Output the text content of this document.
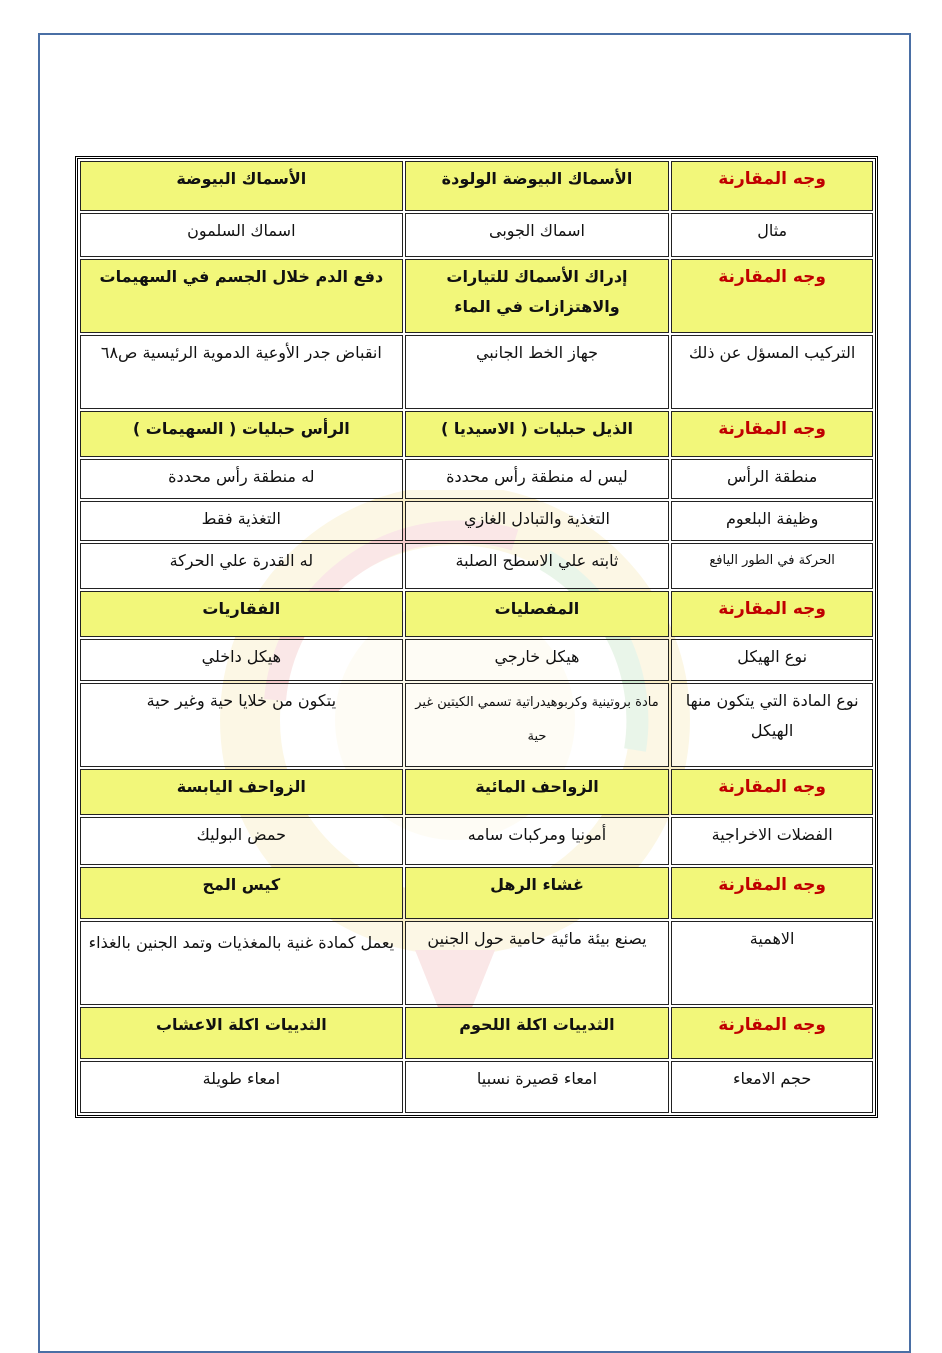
وجه المقارنة	الأسماك البيوضة الولودة	الأسماك البيوضة
مثال	اسماك الجوبى	اسماك السلمون
وجه المقارنة	إدراك الأسماك للتيارات والاهتزازات في الماء	دفع الدم خلال الجسم في السهيمات
التركيب المسؤل عن ذلك	جهاز الخط الجانبي	انقباض جدر الأوعية الدموية الرئيسية ص٦٨
وجه المقارنة	الذيل حبليات ( الاسيديا )	الرأس حبليات ( السهيمات )
منطقة الرأس	ليس له منطقة رأس محددة	له منطقة رأس محددة
وظيفة البلعوم	التغذية والتبادل الغازي	التغذية فقط
الحركة في الطور اليافع	ثابته علي الاسطح الصلبة	له القدرة علي الحركة
وجه المقارنة	المفصليات	الفقاريات
نوع الهيكل	هيكل خارجي	هيكل داخلي
نوع المادة التي يتكون منها الهيكل	مادة بروتينية وكربوهيدراتية تسمي الكيتين غير حية	يتكون من خلايا حية وغير حية
وجه المقارنة	الزواحف المائية	الزواحف اليابسة
الفضلات الاخراجية	أمونيا ومركبات سامه	حمض البوليك
وجه المقارنة	غشاء الرهل	كيس المح
الاهمية	يصنع بيئة مائية حامية حول الجنين	يعمل كمادة غنية بالمغذيات وتمد الجنين بالغذاء
وجه المقارنة	الثدييات اكلة اللحوم	الثدييات اكلة الاعشاب
حجم الامعاء	امعاء قصيرة نسبيا	امعاء طويلة
